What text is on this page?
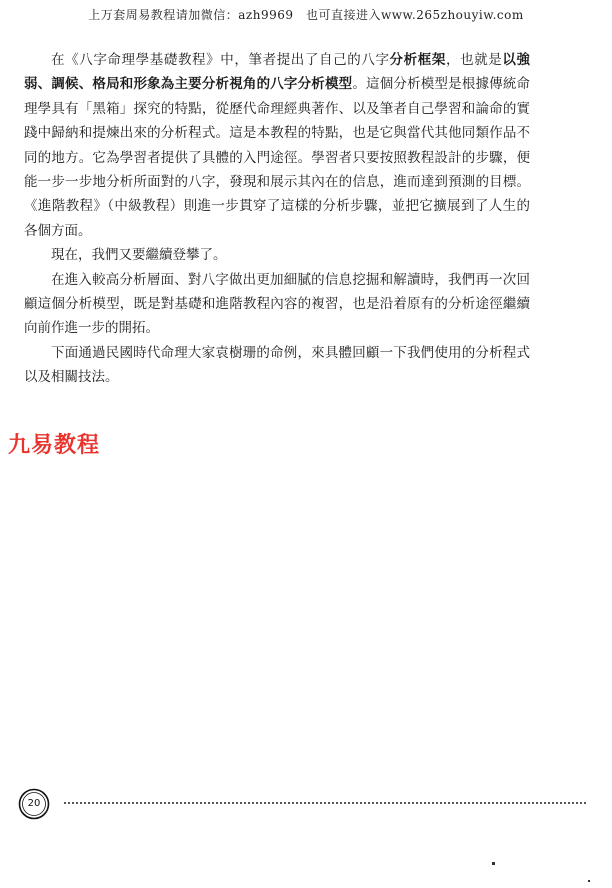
上万套周易教程请加微信：azh9969　也可直接进入www.265zhouyiw.com

在《八字命理學基礎教程》中，筆者提出了自己的八字分析框架，也就是以強弱、調候、格局和形象為主要分析視角的八字分析模型。這個分析模型是根據傳統命理學具有「黑箱」探究的特點，從歷代命理經典著作、以及筆者自己學習和論命的實踐中歸納和提煉出來的分析程式。這是本教程的特點，也是它與當代其他同類作品不同的地方。它為學習者提供了具體的入門途徑。學習者只要按照教程設計的步驟，便能一步一步地分析所面對的八字，發現和展示其內在的信息，進而達到預測的目標。《進階教程》（中級教程）則進一步貫穿了這樣的分析步驟，並把它擴展到了人生的各個方面。

現在，我們又要繼續登攀了。

在進入較高分析層面、對八字做出更加細膩的信息挖掘和解讀時，我們再一次回顧這個分析模型，既是對基礎和進階教程內容的複習，也是沿着原有的分析途徑繼續向前作進一步的開拓。

下面通過民國時代命理大家袁樹珊的命例，來具體回顧一下我們使用的分析程式以及相關技法。

九易教程
20
